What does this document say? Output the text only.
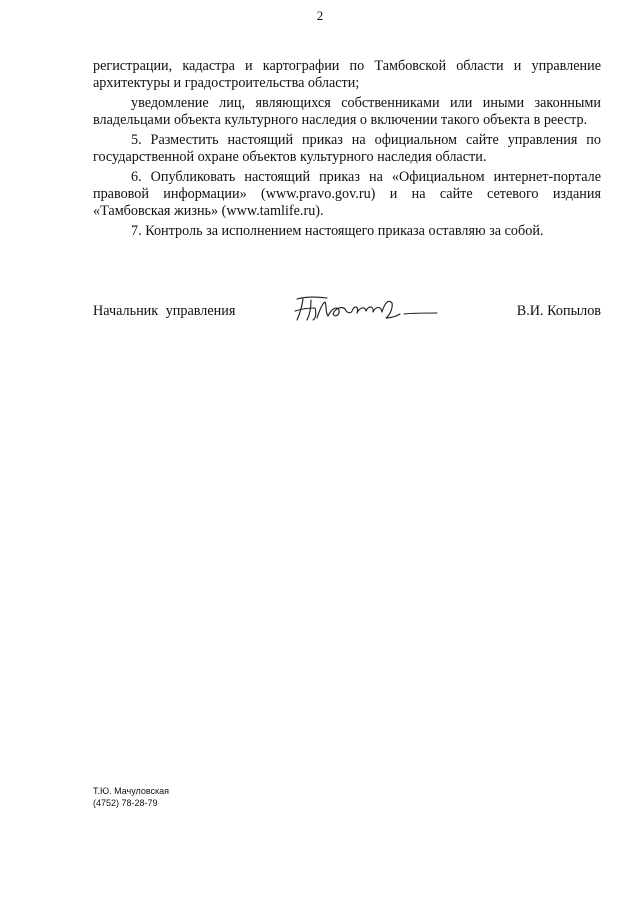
2

регистрации, кадастра и картографии по Тамбовской области и управление
архитектуры и градостроительства области;

уведомление лиц, являющихся собственниками или иными законными
владельцами объекта культурного наследия о включении такого объекта в реестр.

5. Разместить настоящий приказ на официальном сайте управления по
государственной охране объектов культурного наследия области.

6. Опубликовать настоящий приказ на «Официальном интернет-портале
правовой информации» (www.pravo.gov.ru) и на сайте сетевого издания «Тамбовская жизнь» (www.tamlife.ru).

7. Контроль за исполнением настоящего приказа оставляю за собой.

Начальник управления	В.И. Копылов
Т.Ю. Мачуловская
(4752) 78-28-79
